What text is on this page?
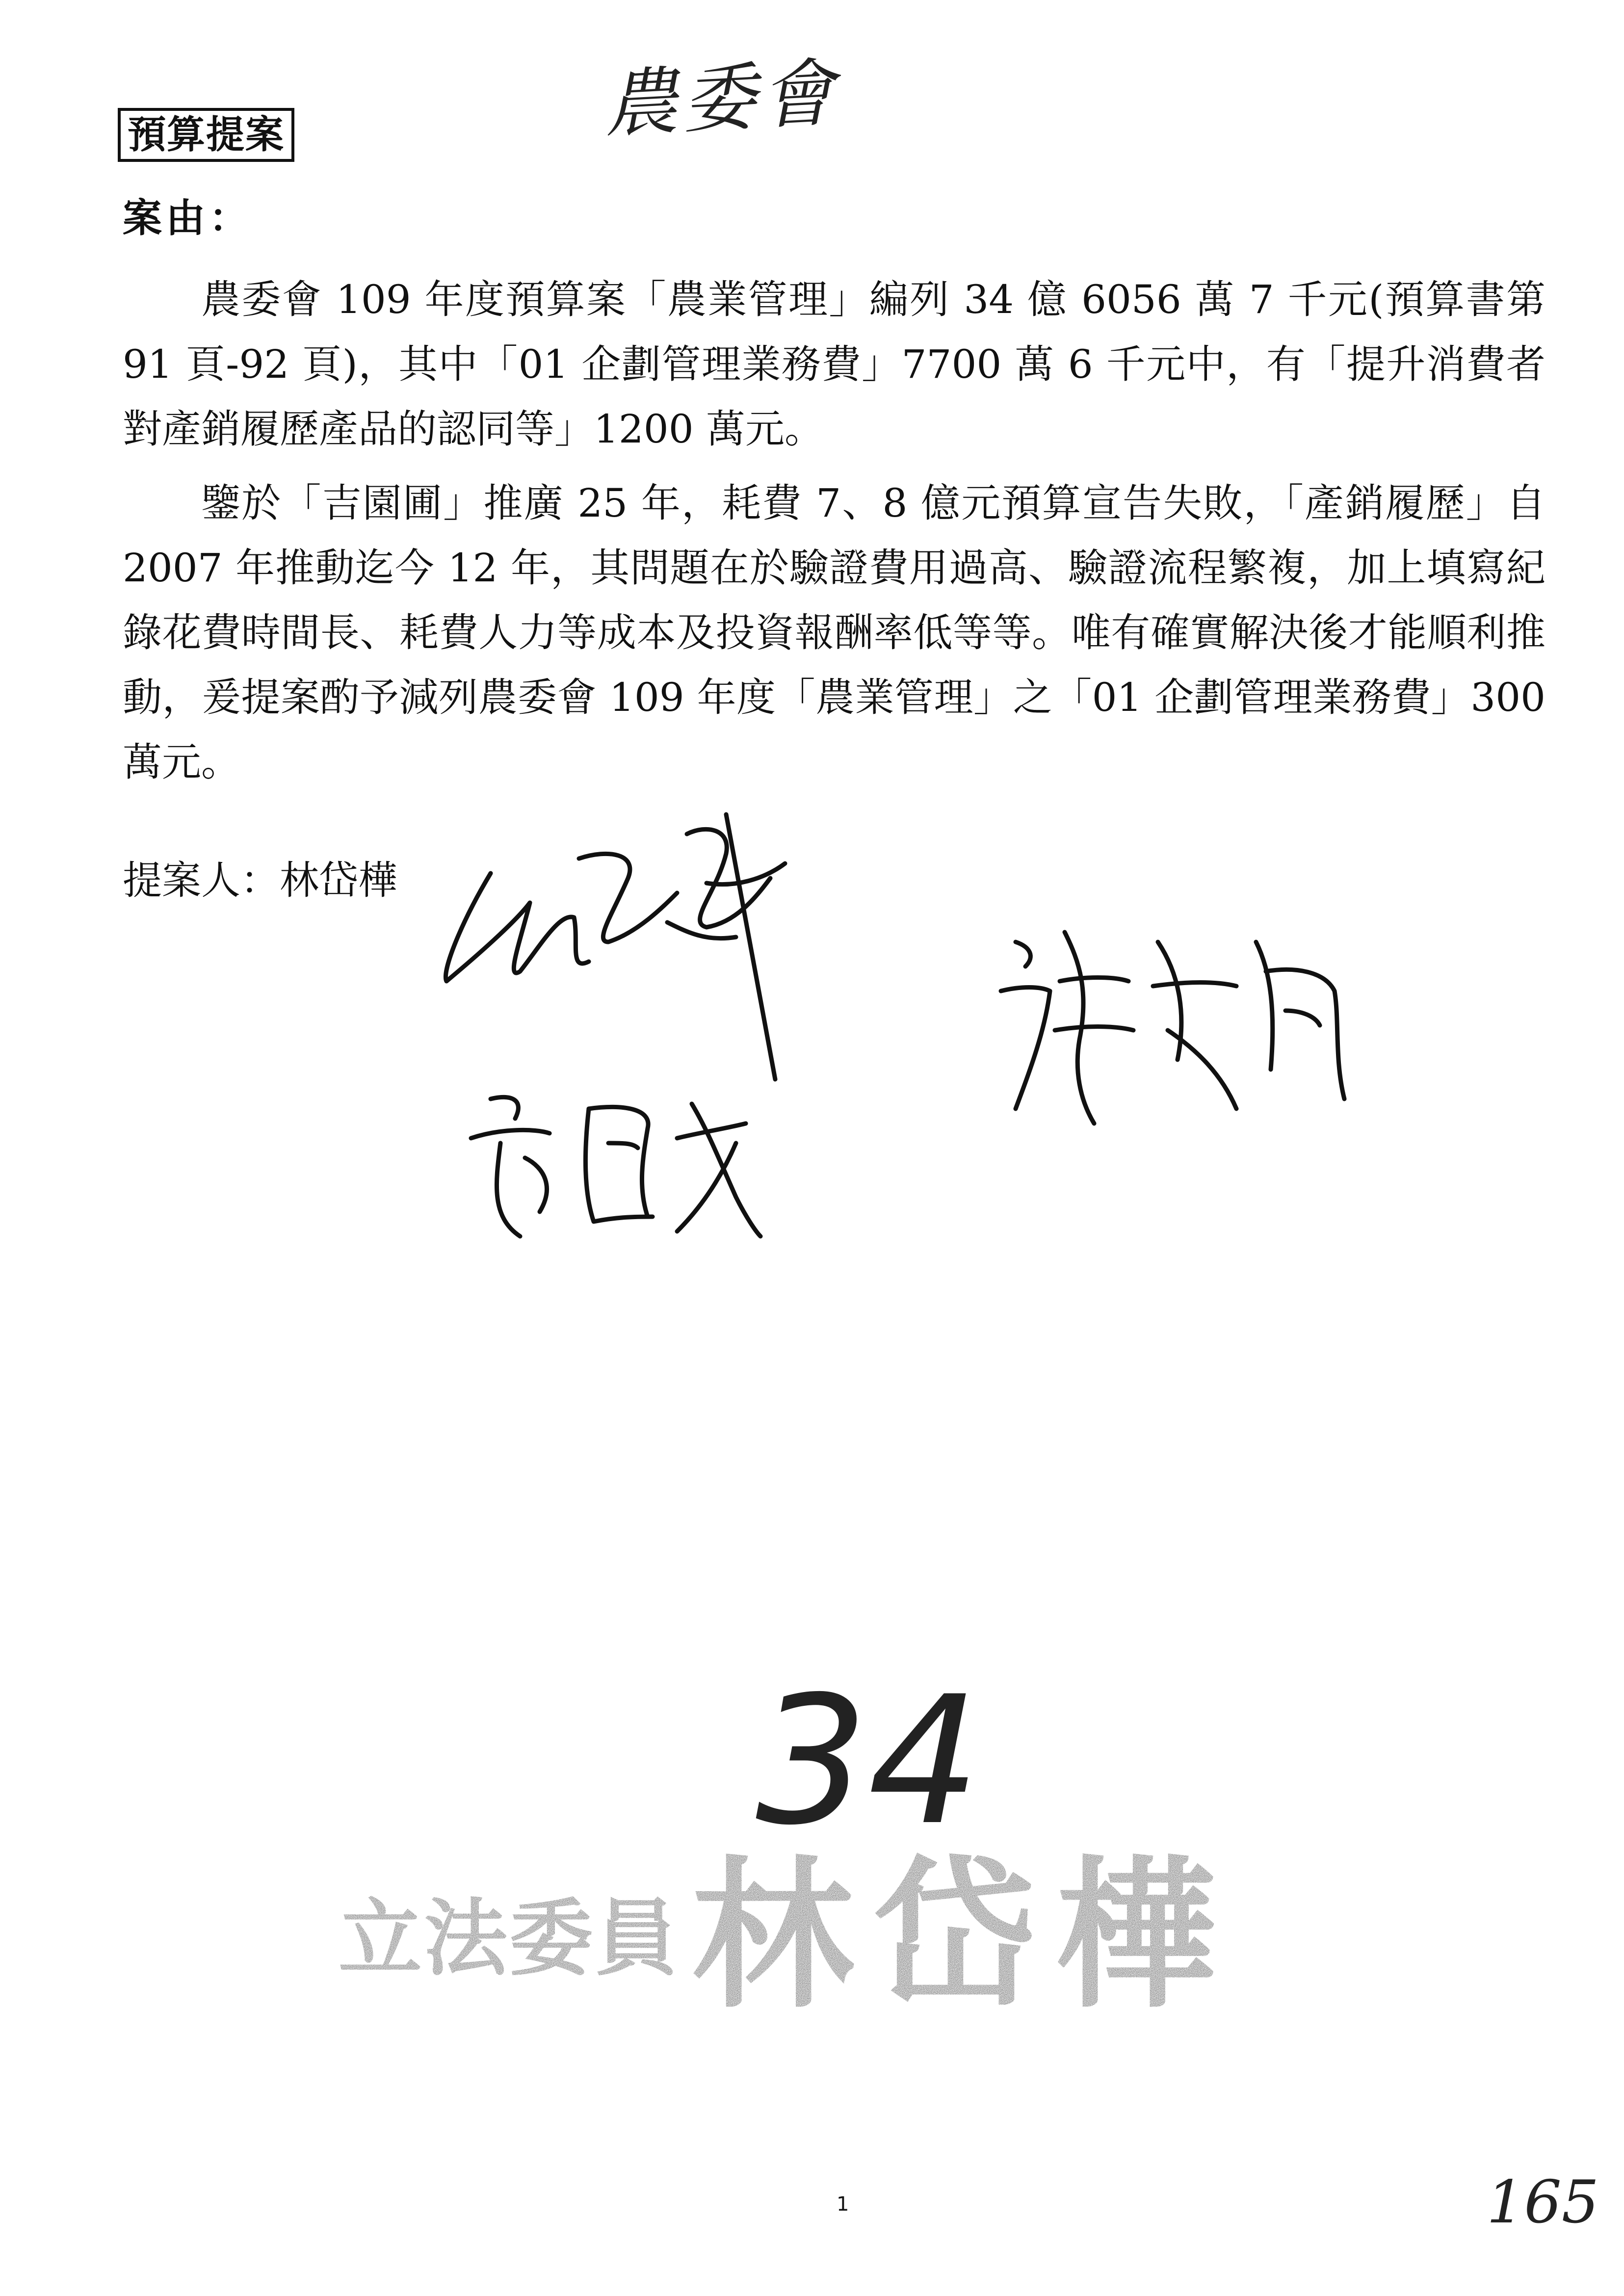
農委會
預算提案
案由：

農委會 109 年度預算案「農業管理」編列 34 億 6056 萬 7 千元(預算書第 91 頁-92 頁)，其中「01 企劃管理業務費」7700 萬 6 千元中，有「提升消費者對產銷履歷產品的認同等」1200 萬元。

鑒於「吉園圃」推廣 25 年，耗費 7、8 億元預算宣告失敗，「產銷履歷」自 2007 年推動迄今 12 年，其問題在於驗證費用過高、驗證流程繁複，加上填寫紀錄花費時間長、耗費人力等成本及投資報酬率低等等。唯有確實解決後才能順利推動，爰提案酌予減列農委會 109 年度「農業管理」之「01 企劃管理業務費」300 萬元。

提案人：林岱樺
34
立法委員 林岱樺
1	165
